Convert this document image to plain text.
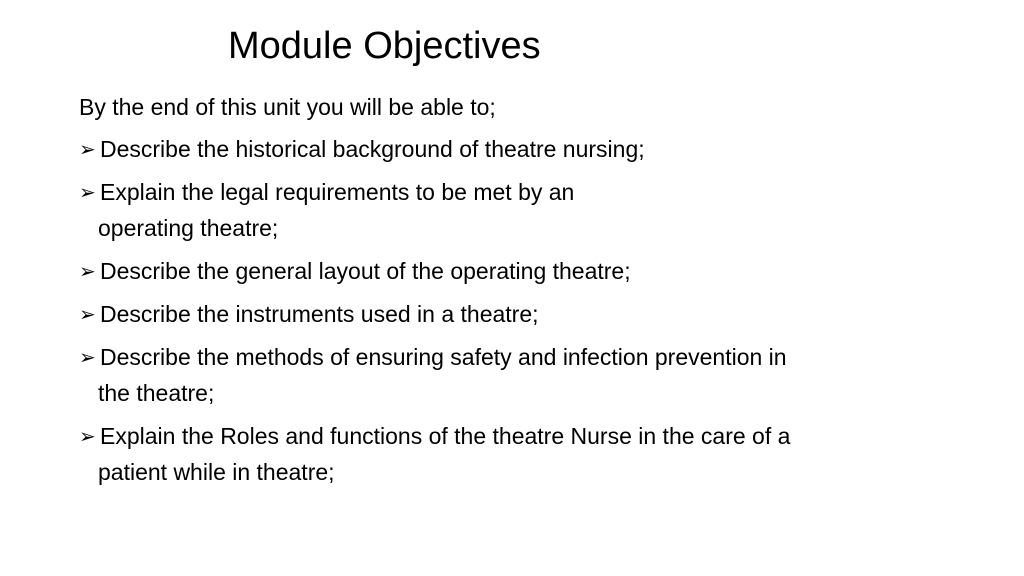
Module Objectives
By the end of this unit you will be able to;
➢ Describe the historical background of theatre nursing;
➢ Explain the legal requirements to be met by an
operating theatre;
➢ Describe the general layout of the operating theatre;
➢ Describe the instruments used in a theatre;
➢ Describe the methods of ensuring safety and infection prevention in
the theatre;
➢ Explain the Roles and functions of the theatre Nurse in the care of a
patient while in theatre;
